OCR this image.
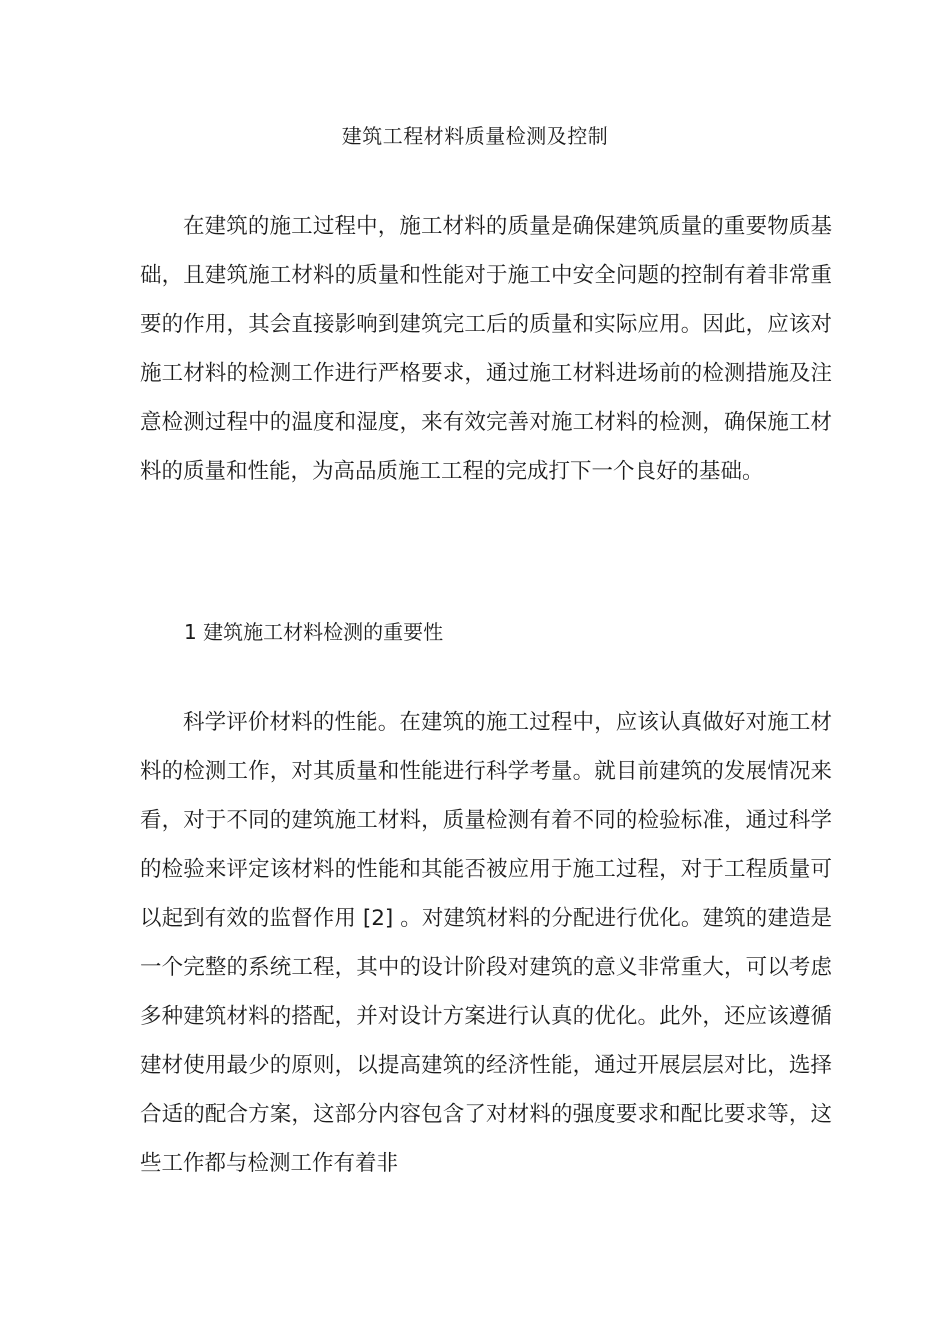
建筑工程材料质量检测及控制

在建筑的施工过程中，施工材料的质量是确保建筑质量的重要物质基础，且建筑施工材料的质量和性能对于施工中安全问题的控制有着非常重要的作用，其会直接影响到建筑完工后的质量和实际应用。因此，应该对施工材料的检测工作进行严格要求，通过施工材料进场前的检测措施及注意检测过程中的温度和湿度，来有效完善对施工材料的检测，确保施工材料的质量和性能，为高品质施工工程的完成打下一个良好的基础。

1 建筑施工材料检测的重要性

科学评价材料的性能。在建筑的施工过程中，应该认真做好对施工材料的检测工作，对其质量和性能进行科学考量。就目前建筑的发展情况来看，对于不同的建筑施工材料，质量检测有着不同的检验标准，通过科学的检验来评定该材料的性能和其能否被应用于施工过程，对于工程质量可以起到有效的监督作用 [2] 。对建筑材料的分配进行优化。建筑的建造是一个完整的系统工程，其中的设计阶段对建筑的意义非常重大，可以考虑多种建筑材料的搭配，并对设计方案进行认真的优化。此外，还应该遵循建材使用最少的原则，以提高建筑的经济性能，通过开展层层对比，选择合适的配合方案，这部分内容包含了对材料的强度要求和配比要求等，这些工作都与检测工作有着非
